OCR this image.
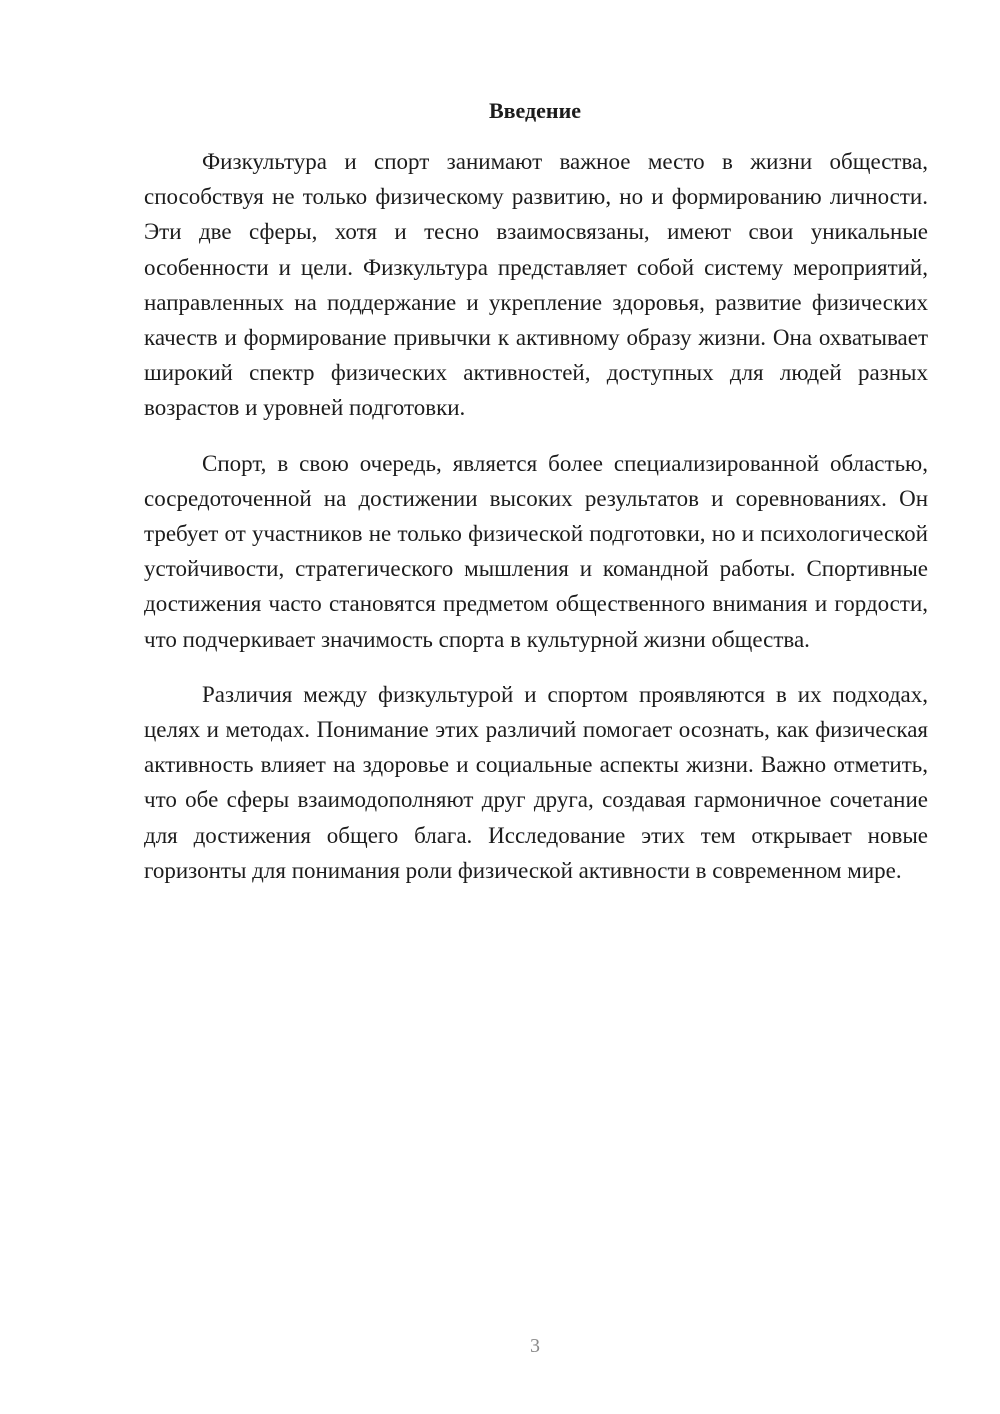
Введение

Физкультура и спорт занимают важное место в жизни общества, способствуя не только физическому развитию, но и формированию личности. Эти две сферы, хотя и тесно взаимосвязаны, имеют свои уникальные особенности и цели. Физкультура представляет собой систему мероприятий, направленных на поддержание и укрепление здоровья, развитие физических качеств и формирование привычки к активному образу жизни. Она охватывает широкий спектр физических активностей, доступных для людей разных возрастов и уровней подготовки.

Спорт, в свою очередь, является более специализированной областью, сосредоточенной на достижении высоких результатов и соревнованиях. Он требует от участников не только физической подготовки, но и психологической устойчивости, стратегического мышления и командной работы. Спортивные достижения часто становятся предметом общественного внимания и гордости, что подчеркивает значимость спорта в культурной жизни общества.

Различия между физкультурой и спортом проявляются в их подходах, целях и методах. Понимание этих различий помогает осознать, как физическая активность влияет на здоровье и социальные аспекты жизни. Важно отметить, что обе сферы взаимодополняют друг друга, создавая гармоничное сочетание для достижения общего блага. Исследование этих тем открывает новые горизонты для понимания роли физической активности в современном мире.

3
